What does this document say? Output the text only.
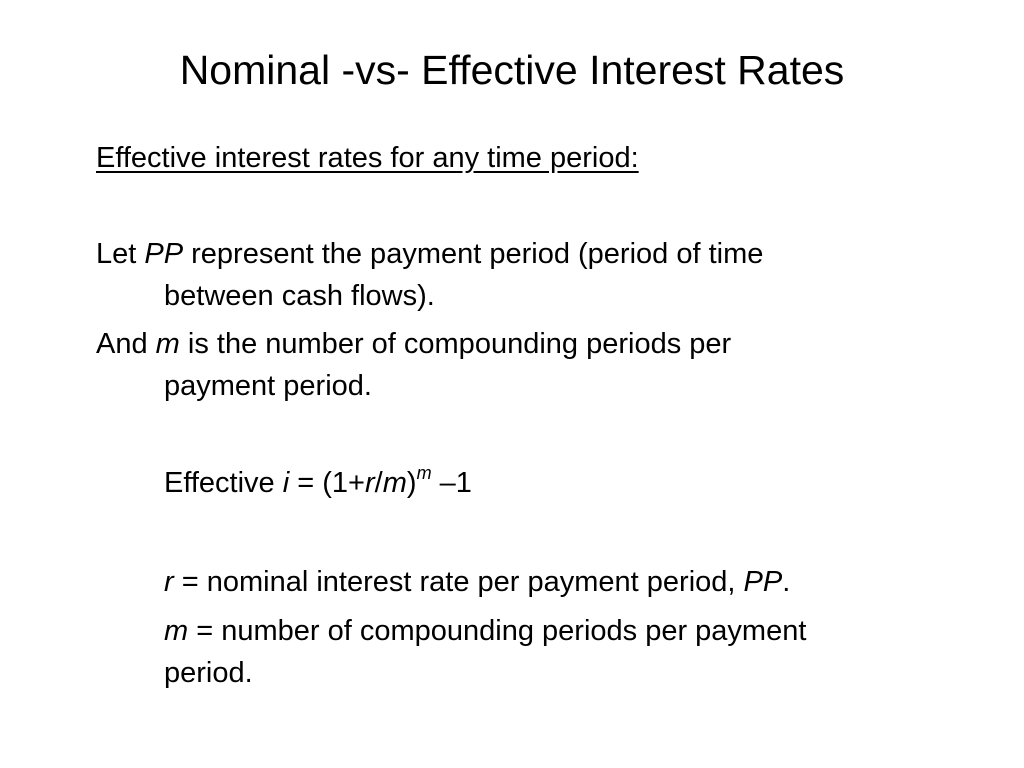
Nominal -vs- Effective Interest Rates
Effective interest rates for any time period:
Let PP represent the payment period (period of time
between cash flows).
And m is the number of compounding periods per
payment period.
Effective $i = (1+r/m)^m$ –1
r = nominal interest rate per payment period, PP.
m = number of compounding periods per payment
period.
